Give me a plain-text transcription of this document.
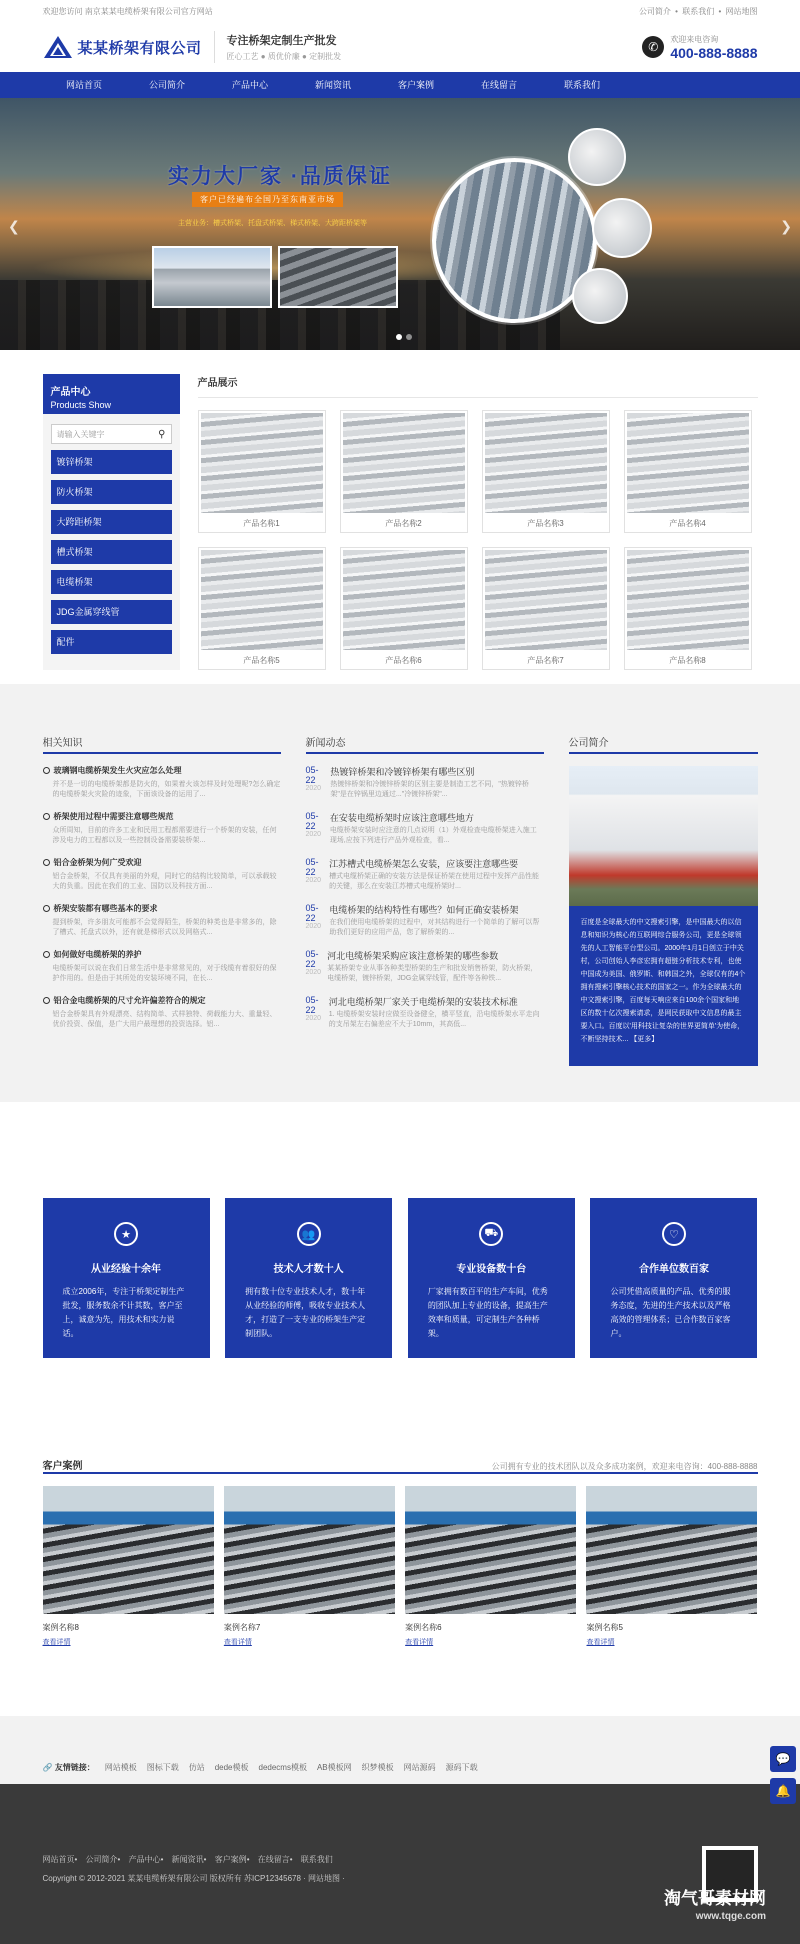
欢迎您访问 南京某某电缆桥架有限公司官方网站	公司简介 • 联系我们 • 网站地图
某某桥架有限公司 专注桥架定制生产批发
匠心工艺 ● 质优价廉 ● 定制批发
✆
欢迎来电咨询
400-888-8888
网站首页	公司简介	产品中心	新闻资讯	客户案例	在线留言	联系我们
实力大厂家 ·品质保证
客户已经遍布全国乃至东南亚市场
主营业务：槽式桥架、托盘式桥架、梯式桥架、大跨距桥架等
❮	❯
产品中心
Products Show
请输入关键字	⚲
镀锌桥架
防火桥架
大跨距桥架
槽式桥架
电缆桥架
JDG金属穿线管
配件
产品展示
产品名称1	产品名称2	产品名称3	产品名称4
产品名称5	产品名称6	产品名称7	产品名称8
相关知识
玻璃钢电缆桥架发生火灾应怎么处理
并不是一切的电缆桥架都是防火的，如果着火该怎样及时处理呢?怎么确定的电缆桥架火灾险的迹象，下面该设备的运用了...
桥架使用过程中需要注意哪些规范
众所周知，目前的许多工业和民用工程都需要进行一个桥架的安装，任何涉及电力的工程都以及一些控制设备需要装桥架...
铝合金桥架为何广受欢迎
铝合金桥架，不仅具有美丽的外观，同时它的结构比较简单，可以承载较大的负重。因此在我们的工业、国防以及科技方面...
桥架安装都有哪些基本的要求
提到桥架，许多朋友可能都不会觉得陌生，桥架的种类也是非常多的，除了槽式、托盘式以外，还有就是梯形式以及网格式...
如何做好电缆桥架的养护
电缆桥架可以说在我们日常生活中是非常常见的，对于线缆有着很好的保护作用的。但是由于其所处的安装环境不同，在长...
铝合金电缆桥架的尺寸允许偏差符合的规定
铝合金桥架具有外观漂亮、结构简单、式样独特、荷载能力大、重量轻、优价投资、保值，是广大用户最理想的投资选择。铝...
新闻动态
05-22
2020
热镀锌桥架和冷镀锌桥架有哪些区别
热镀锌桥架和冷镀锌桥架的区别主要是制造工艺不同，"热镀锌桥架"是在锌锅里边通过..."冷镀锌桥架"...
05-22
2020
在安装电缆桥架时应该注意哪些地方
电缆桥架安装时应注意的几点说明（1）外观检查电缆桥架进入施工现场,应按下列进行产品外观检查，看...
05-22
2020
江苏槽式电缆桥架怎么安装，应该要注意哪些要
槽式电缆桥架正确的安装方法是保证桥架在使用过程中发挥产品性能的关键，那么在安装江苏槽式电缆桥架时...
05-22
2020
电缆桥架的结构特性有哪些？如何正确安装桥架
在我们使用电缆桥架的过程中，对其结构进行一个简单的了解可以帮助我们更好的应用产品，您了解桥架的...
05-22
2020
河北电缆桥架采购应该注意桥架的哪些参数
某某桥架专业从事各种类型桥架的生产和批发销售桥架，防火桥架，电缆桥架，镀锌桥架，JDG金属穿线管，配件等各种铁...
05-22
2020
河北电缆桥架厂家关于电缆桥架的安装技术标准
1. 电缆桥架安装时应做至设备健全，横平竖直，沿电缆桥架水平走向的支吊架左右偏差应不大于10mm，其高低...
公司简介
百度是全球最大的中文搜索引擎，是中国最大的以信息和知识为核心的互联网综合服务公司，更是全球领先的人工智能平台型公司。2000年1月1日创立于中关村，公司创始人李彦宏拥有超链分析技术专利，也使中国成为美国、俄罗斯、和韩国之外，全球仅有的4个拥有搜索引擎核心技术的国家之一。作为全球最大的中文搜索引擎，百度每天响应来自100余个国家和地区的数十亿次搜索请求，是网民获取中文信息的最主要入口。百度以'用科技让复杂的世界更简单'为使命，不断坚持技术... 【更多】
★
从业经验十余年
成立2006年，专注于桥架定制生产批发，服务数余不计其数，客户至上，诚意为先，用技术和实力说话。
👥
技术人才数十人
拥有数十位专业技术人才，数十年从业经验的师傅，吸收专业技术人才，打造了一支专业的桥架生产定制团队。
⛟
专业设备数十台
厂家拥有数百平的生产车间，优秀的团队加上专业的设备，提高生产效率和质量，可定制生产各种桥架。
♡
合作单位数百家
公司凭借高质量的产品、优秀的服务态度，先进的生产技术以及严格高效的管理体系；已合作数百家客户。
客户案例	公司拥有专业的技术团队以及众多成功案例，欢迎来电咨询：400-888-8888
案例名称8
查看详情
案例名称7
查看详情
案例名称6
查看详情
案例名称5
查看详情
🔗 友情链接： 网站模板 图标下载 仿站 dede模板 dedecms模板 AB模板网 织梦模板 网站源码 源码下载
网站首页• 公司简介• 产品中心• 新闻资讯• 客户案例• 在线留言• 联系我们
Copyright © 2012-2021 某某电缆桥架有限公司 版权所有 苏ICP12345678 · 网站地图 ·
淘气哥素材网
www.tqge.com
💬
🔔
